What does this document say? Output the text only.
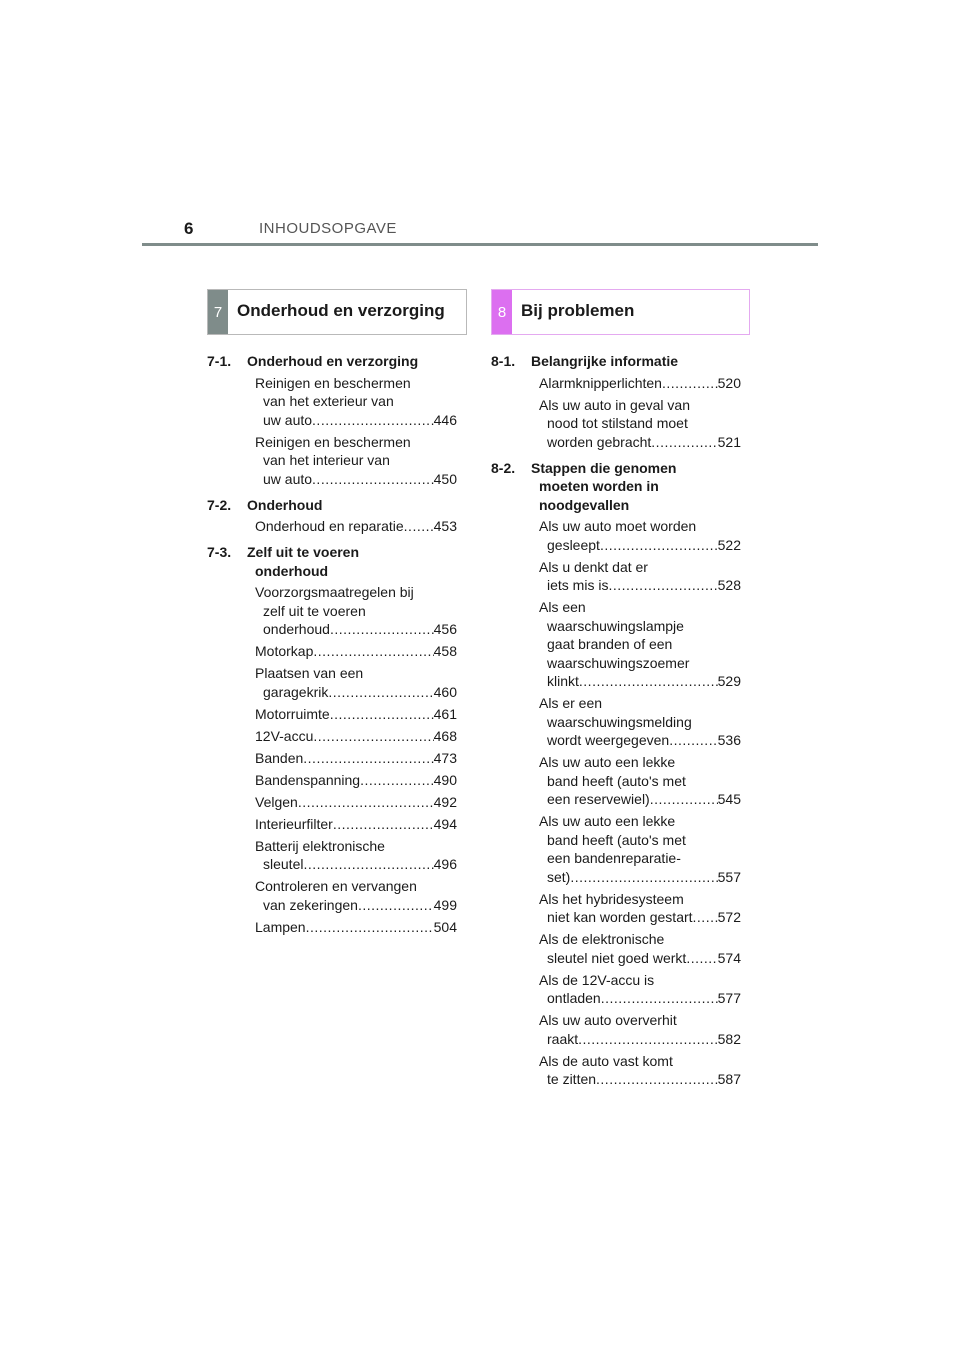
6	INHOUDSOPGAVE
7 Onderhoud en verzorging	8 Bij problemen
7-1. Onderhoud en verzorging
Reinigen en beschermen
van het exterieur van

uw auto .....	446
Reinigen en beschermen
van het interieur van

uw auto .....	450
7-2. Onderhoud
Onderhoud en reparatie ..... 453
7-3. Zelf uit te voeren
onderhoud
Voorzorgsmaatregelen bij
zelf uit te voeren

onderhoud .....	456
Motorkap .....	458
Plaatsen van een

garagekrik .....	460
Motorruimte .....	461
12V-accu .....	468
Banden .....	473
Bandenspanning .....	490
Velgen .....	492
Interieurfilter .....	494
Batterij elektronische

sleutel .....	496
Controleren en vervangen

van zekeringen .....	499
Lampen .....	504
8-1. Belangrijke informatie
Alarmknipperlichten .....	520
Als uw auto in geval van
nood tot stilstand moet

worden gebracht .....	521
8-2. Stappen die genomen
moeten worden in
noodgevallen
Als uw auto moet worden

gesleept .....	522
Als u denkt dat er

iets mis is .....	528
Als een
waarschuwingslampje
gaat branden of een
waarschuwingszoemer

klinkt .....	529
Als er een
waarschuwingsmelding

wordt weergegeven .....	536
Als uw auto een lekke
band heeft (auto's met

een reservewiel) .....	545
Als uw auto een lekke
band heeft (auto's met
een bandenreparatie-

set) .....	557
Als het hybridesysteem

niet kan worden gestart ..... 572
Als de elektronische

sleutel niet goed werkt ..... 574
Als de 12V-accu is

ontladen .....	577
Als uw auto oververhit

raakt .....	582
Als de auto vast komt

te zitten .....	587
